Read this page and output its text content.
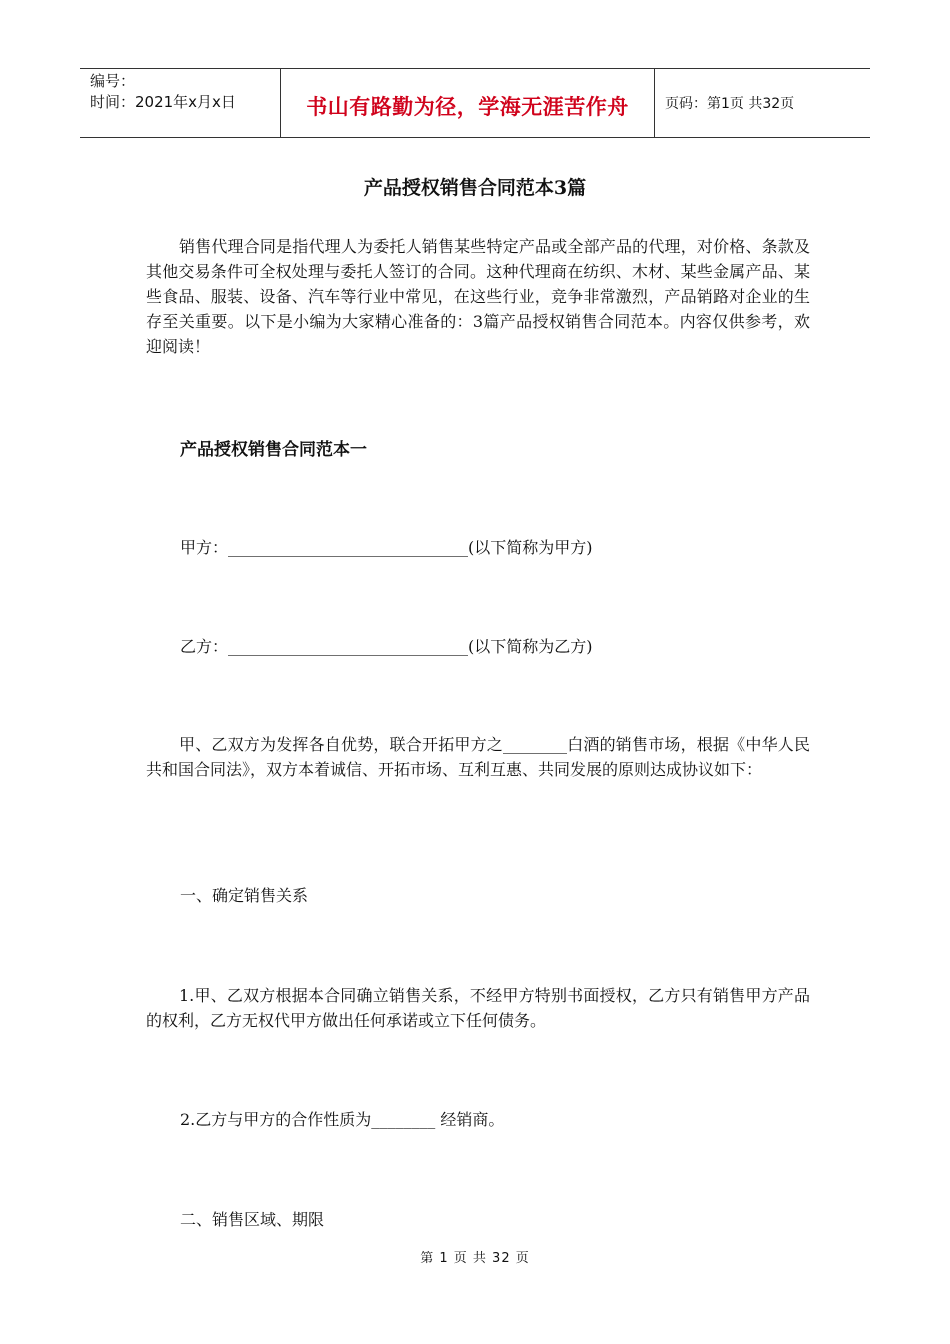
编号：
时间：2021年x月x日	书山有路勤为径，学海无涯苦作舟	页码：第1页 共32页
产品授权销售合同范本3篇

销售代理合同是指代理人为委托人销售某些特定产品或全部产品的代理，对价格、条款及其他交易条件可全权处理与委托人签订的合同。这种代理商在纺织、木材、某些金属产品、某些食品、服装、设备、汽车等行业中常见，在这些行业，竞争非常激烈，产品销路对企业的生存至关重要。以下是小编为大家精心准备的：3篇产品授权销售合同范本。内容仅供参考，欢迎阅读！

产品授权销售合同范本一
甲方：______________________________(以下简称为甲方)
乙方：______________________________(以下简称为乙方)

甲、乙双方为发挥各自优势，联合开拓甲方之________白酒的销售市场，根据《中华人民共和国合同法》，双方本着诚信、开拓市场、互利互惠、共同发展的原则达成协议如下：

一、确定销售关系

1.甲、乙双方根据本合同确立销售关系，不经甲方特别书面授权，乙方只有销售甲方产品的权利，乙方无权代甲方做出任何承诺或立下任何债务。

2.乙方与甲方的合作性质为________ 经销商。
二、销售区域、期限
第 1 页 共 32 页
